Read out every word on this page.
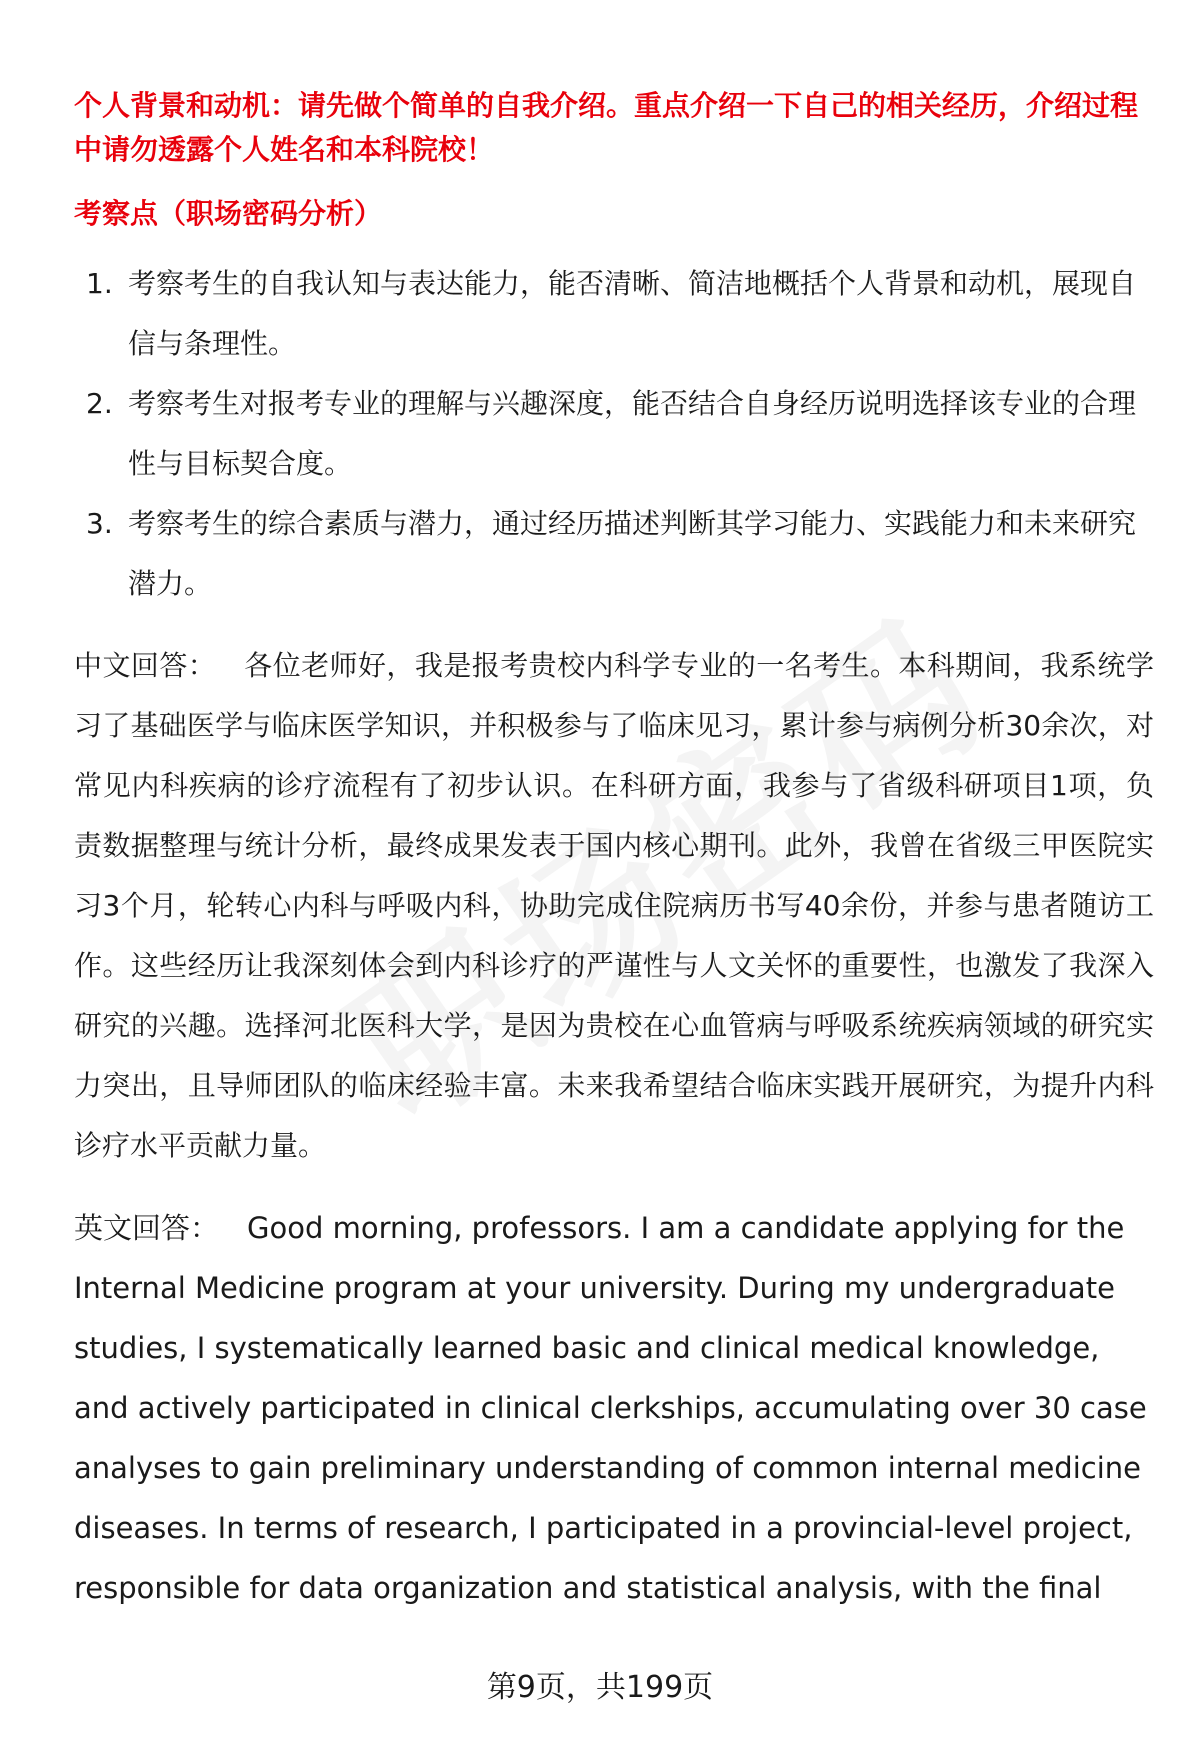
个人背景和动机：请先做个简单的自我介绍。重点介绍一下自己的相关经历，介绍过程中请勿透露个人姓名和本科院校！

考察点（职场密码分析）

1. 考察考生的自我认知与表达能力，能否清晰、简洁地概括个人背景和动机，展现自信与条理性。
2. 考察考生对报考专业的理解与兴趣深度，能否结合自身经历说明选择该专业的合理性与目标契合度。
3. 考察考生的综合素质与潜力，通过经历描述判断其学习能力、实践能力和未来研究潜力。

中文回答： 各位老师好，我是报考贵校内科学专业的一名考生。本科期间，我系统学习了基础医学与临床医学知识，并积极参与了临床见习，累计参与病例分析30余次，对常见内科疾病的诊疗流程有了初步认识。在科研方面，我参与了省级科研项目1项，负责数据整理与统计分析，最终成果发表于国内核心期刊。此外，我曾在省级三甲医院实习3个月，轮转心内科与呼吸内科，协助完成住院病历书写40余份，并参与患者随访工作。这些经历让我深刻体会到内科诊疗的严谨性与人文关怀的重要性，也激发了我深入研究的兴趣。选择河北医科大学，是因为贵校在心血管病与呼吸系统疾病领域的研究实力突出，且导师团队的临床经验丰富。未来我希望结合临床实践开展研究，为提升内科诊疗水平贡献力量。

英文回答： Good morning, professors. I am a candidate applying for the Internal Medicine program at your university. During my undergraduate studies, I systematically learned basic and clinical medical knowledge, and actively participated in clinical clerkships, accumulating over 30 case analyses to gain preliminary understanding of common internal medicine diseases. In terms of research, I participated in a provincial-level project, responsible for data organization and statistical analysis, with the final

第9页，共199页
